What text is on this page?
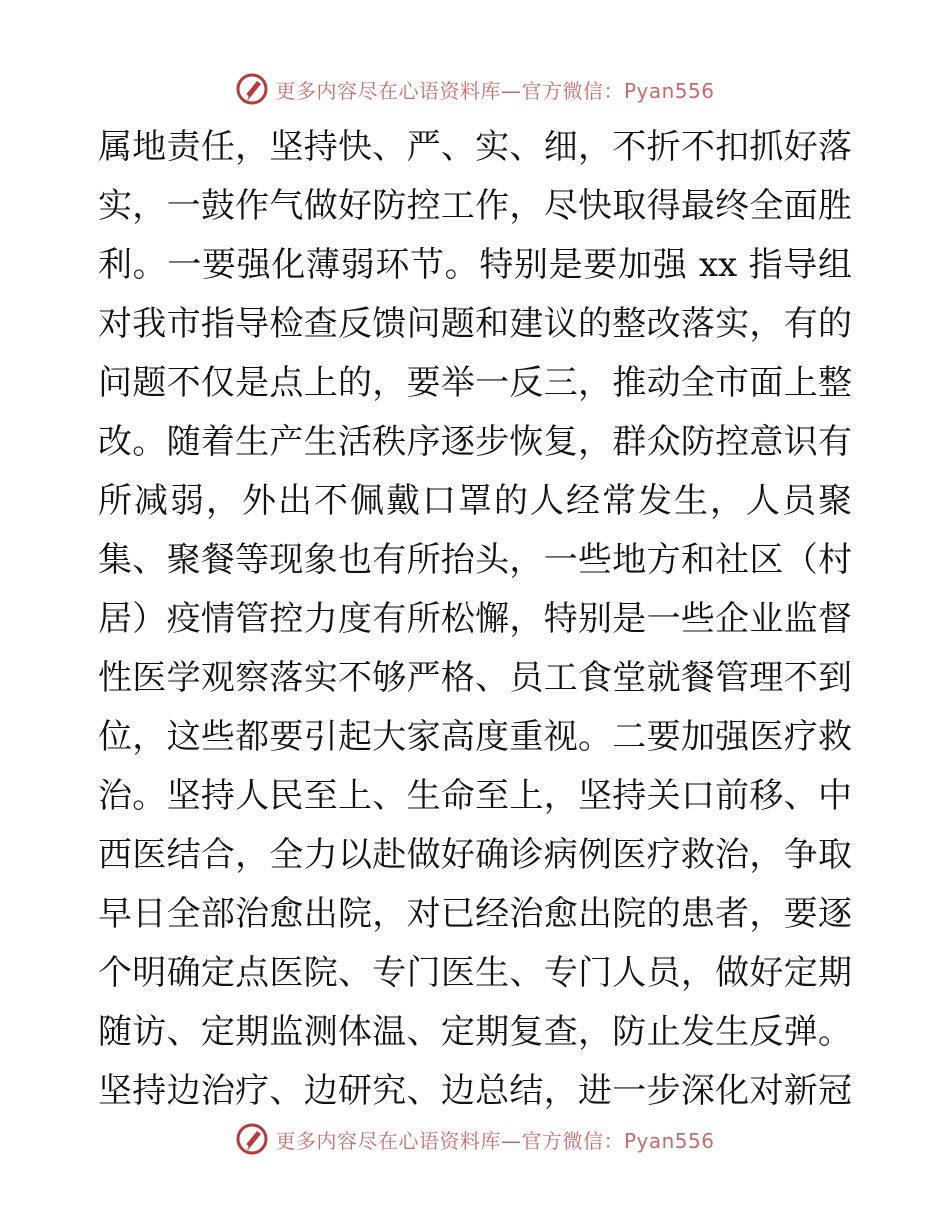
更多内容尽在心语资料库—官方微信：Pyan556
属地责任，坚持快、严、实、细，不折不扣抓好落
实，一鼓作气做好防控工作，尽快取得最终全面胜
利。一要强化薄弱环节。特别是要加强 xx 指导组
对我市指导检查反馈问题和建议的整改落实，有的
问题不仅是点上的，要举一反三，推动全市面上整
改。随着生产生活秩序逐步恢复，群众防控意识有
所减弱，外出不佩戴口罩的人经常发生，人员聚
集、聚餐等现象也有所抬头，一些地方和社区（村
居）疫情管控力度有所松懈，特别是一些企业监督
性医学观察落实不够严格、员工食堂就餐管理不到
位，这些都要引起大家高度重视。二要加强医疗救
治。坚持人民至上、生命至上，坚持关口前移、中
西医结合，全力以赴做好确诊病例医疗救治，争取
早日全部治愈出院，对已经治愈出院的患者，要逐
个明确定点医院、专门医生、专门人员，做好定期
随访、定期监测体温、定期复查，防止发生反弹。
坚持边治疗、边研究、边总结，进一步深化对新冠
更多内容尽在心语资料库—官方微信：Pyan556
